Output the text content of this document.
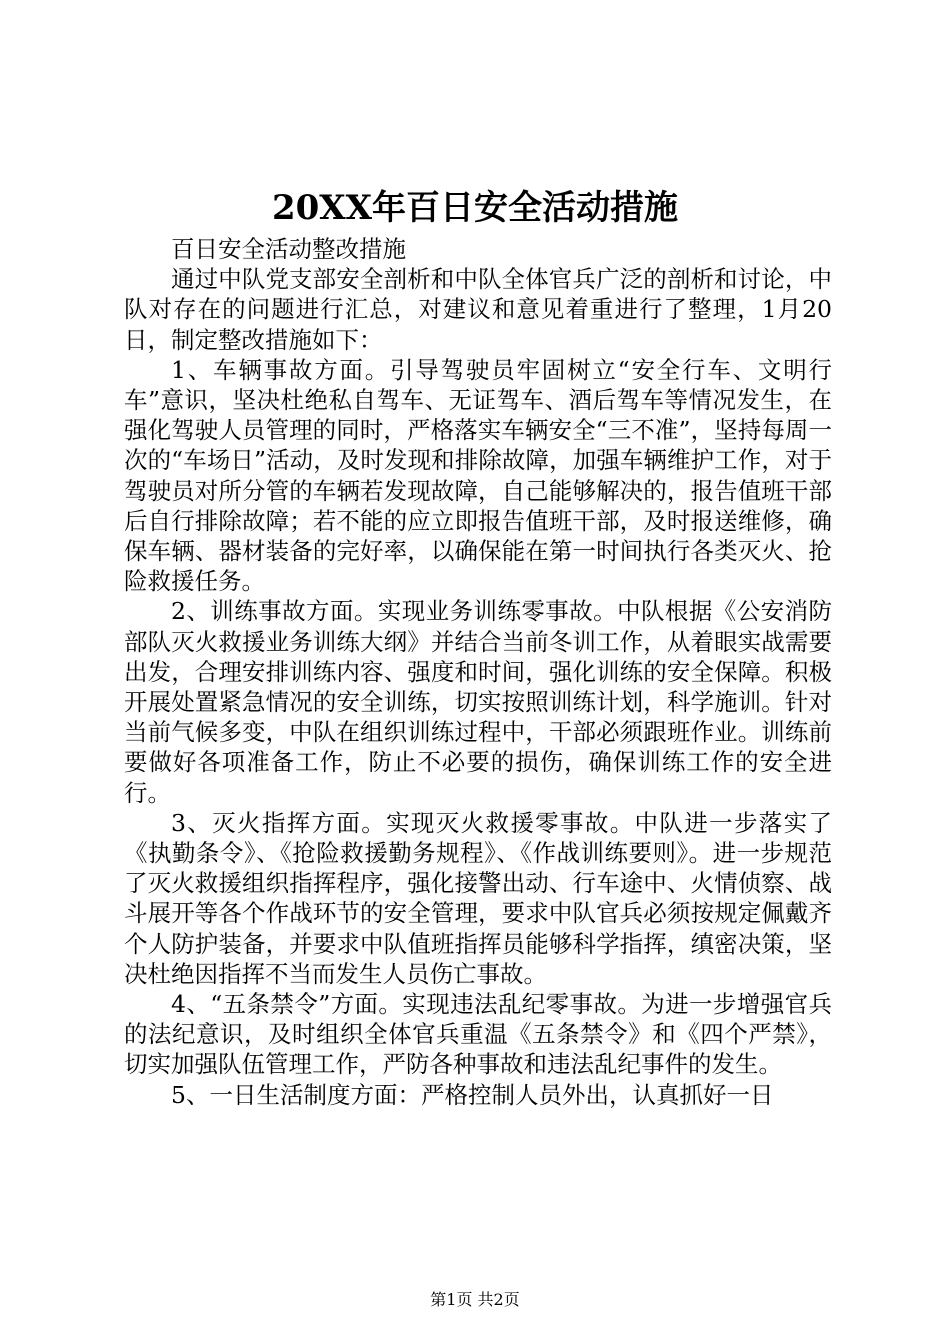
20XX年百日安全活动措施

百日安全活动整改措施

通过中队党支部安全剖析和中队全体官兵广泛的剖析和讨论，中队对存在的问题进行汇总，对建议和意见着重进行了整理，1月20日，制定整改措施如下：

1、车辆事故方面。引导驾驶员牢固树立“安全行车、文明行车”意识，坚决杜绝私自驾车、无证驾车、酒后驾车等情况发生，在强化驾驶人员管理的同时，严格落实车辆安全“三不准”，坚持每周一次的“车场日”活动，及时发现和排除故障，加强车辆维护工作，对于驾驶员对所分管的车辆若发现故障，自己能够解决的，报告值班干部后自行排除故障；若不能的应立即报告值班干部，及时报送维修，确保车辆、器材装备的完好率，以确保能在第一时间执行各类灭火、抢险救援任务。

2、训练事故方面。实现业务训练零事故。中队根据《公安消防部队灭火救援业务训练大纲》并结合当前冬训工作，从着眼实战需要出发，合理安排训练内容、强度和时间，强化训练的安全保障。积极开展处置紧急情况的安全训练，切实按照训练计划，科学施训。针对当前气候多变，中队在组织训练过程中，干部必须跟班作业。训练前要做好各项准备工作，防止不必要的损伤，确保训练工作的安全进行。

3、灭火指挥方面。实现灭火救援零事故。中队进一步落实了《执勤条令》、《抢险救援勤务规程》、《作战训练要则》。进一步规范了灭火救援组织指挥程序，强化接警出动、行车途中、火情侦察、战斗展开等各个作战环节的安全管理，要求中队官兵必须按规定佩戴齐个人防护装备，并要求中队值班指挥员能够科学指挥，缜密决策，坚决杜绝因指挥不当而发生人员伤亡事故。

4、“五条禁令”方面。实现违法乱纪零事故。为进一步增强官兵的法纪意识，及时组织全体官兵重温《五条禁令》和《四个严禁》，切实加强队伍管理工作，严防各种事故和违法乱纪事件的发生。

5、一日生活制度方面：严格控制人员外出，认真抓好一日

第1页 共2页
